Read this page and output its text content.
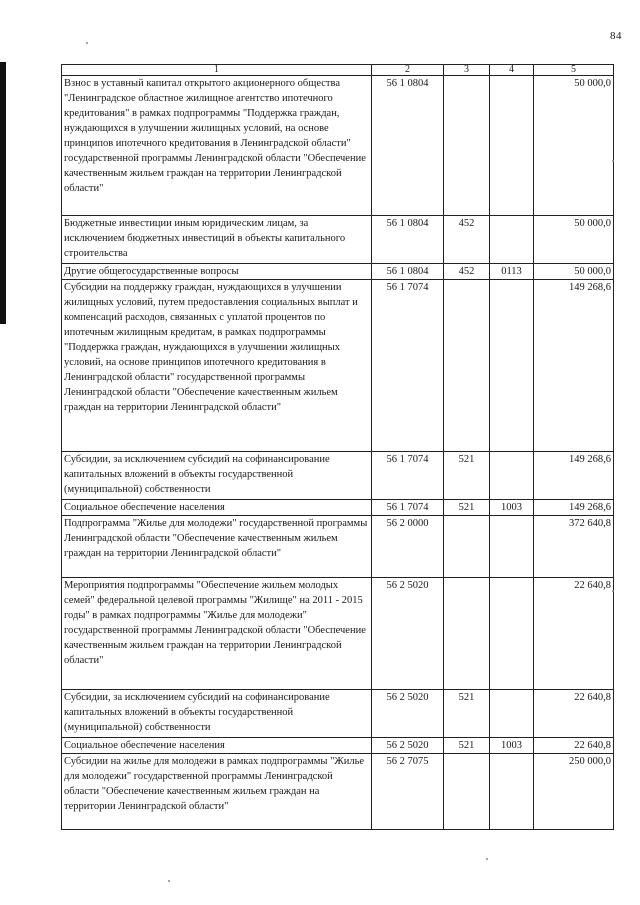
84
1	2	3	4	5
Взнос в уставный капитал открытого акционерного общества "Ленинградское областное жилищное агентство ипотечного кредитования" в рамках подпрограммы "Поддержка граждан, нуждающихся в улучшении жилищных условий, на основе принципов ипотечного кредитования в Ленинградской области" государственной программы Ленинградской области "Обеспечение качественным жильем граждан на территории Ленинградской области"	56 1 0804			50 000,0
Бюджетные инвестиции иным юридическим лицам, за исключением бюджетных инвестиций в объекты капитального строительства	56 1 0804	452		50 000,0
Другие общегосударственные вопросы	56 1 0804	452	0113	50 000,0
Субсидии на поддержку граждан, нуждающихся в улучшении жилищных условий, путем предоставления социальных выплат и компенсаций расходов, связанных с уплатой процентов по ипотечным жилищным кредитам, в рамках подпрограммы "Поддержка граждан, нуждающихся в улучшении жилищных условий, на основе принципов ипотечного кредитования в Ленинградской области" государственной программы Ленинградской области "Обеспечение качественным жильем граждан на территории Ленинградской области"	56 1 7074			149 268,6
Субсидии, за исключением субсидий на софинансирование капитальных вложений в объекты государственной (муниципальной) собственности	56 1 7074	521		149 268,6
Социальное обеспечение населения	56 1 7074	521	1003	149 268,6
Подпрограмма "Жилье для молодежи" государственной программы Ленинградской области "Обеспечение качественным жильем граждан на территории Ленинградской области"	56 2 0000			372 640,8
Мероприятия подпрограммы "Обеспечение жильем молодых семей" федеральной целевой программы "Жилище" на 2011 - 2015 годы" в рамках подпрограммы "Жилье для молодежи" государственной программы Ленинградской области "Обеспечение качественным жильем граждан на территории Ленинградской области"	56 2 5020			22 640,8
Субсидии, за исключением субсидий на софинансирование капитальных вложений в объекты государственной (муниципальной) собственности	56 2 5020	521		22 640,8
Социальное обеспечение населения	56 2 5020	521	1003	22 640,8
Субсидии на жилье для молодежи в рамках подпрограммы "Жилье для молодежи" государственной программы Ленинградской области "Обеспечение качественным жильем граждан на территории Ленинградской области"	56 2 7075			250 000,0
